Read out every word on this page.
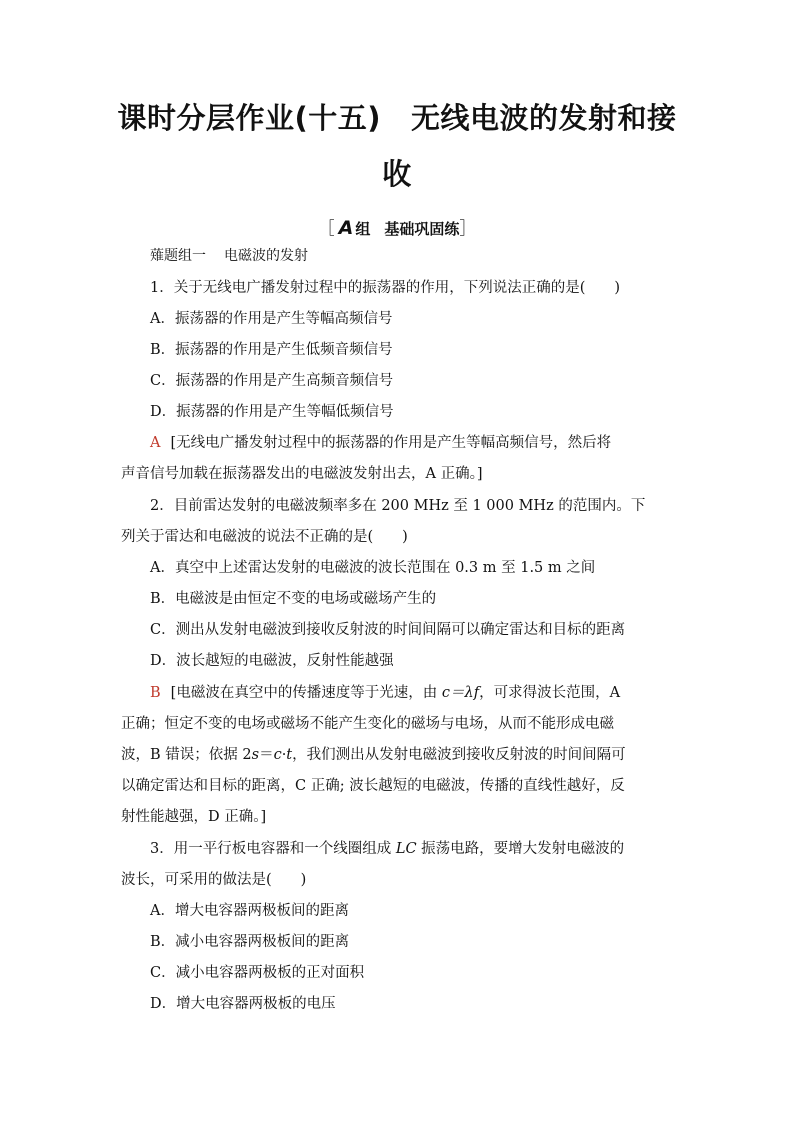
课时分层作业(十五) 无线电波的发射和接
收
［ A 组 基础巩固练］
薙题组一 电磁波的发射
1．关于无线电广播发射过程中的振荡器的作用，下列说法正确的是(　　)
A．振荡器的作用是产生等幅高频信号
B．振荡器的作用是产生低频音频信号
C．振荡器的作用是产生高频音频信号
D．振荡器的作用是产生等幅低频信号
A [无线电广播发射过程中的振荡器的作用是产生等幅高频信号，然后将
声音信号加载在振荡器发出的电磁波发射出去，A 正确。]
2．目前雷达发射的电磁波频率多在 200 MHz 至 1 000 MHz 的范围内。下
列关于雷达和电磁波的说法不正确的是(　　)
A．真空中上述雷达发射的电磁波的波长范围在 0.3 m 至 1.5 m 之间
B．电磁波是由恒定不变的电场或磁场产生的
C．测出从发射电磁波到接收反射波的时间间隔可以确定雷达和目标的距离
D．波长越短的电磁波，反射性能越强
B [电磁波在真空中的传播速度等于光速，由 c＝λf，可求得波长范围，A
正确；恒定不变的电场或磁场不能产生变化的磁场与电场，从而不能形成电磁
波，B 错误；依据 2s＝c·t，我们测出从发射电磁波到接收反射波的时间间隔可
以确定雷达和目标的距离，C 正确; 波长越短的电磁波，传播的直线性越好，反
射性能越强，D 正确。]
3．用一平行板电容器和一个线圈组成 LC 振荡电路，要增大发射电磁波的
波长，可采用的做法是(　　)
A．增大电容器两极板间的距离
B．减小电容器两极板间的距离
C．减小电容器两极板的正对面积
D．增大电容器两极板的电压
